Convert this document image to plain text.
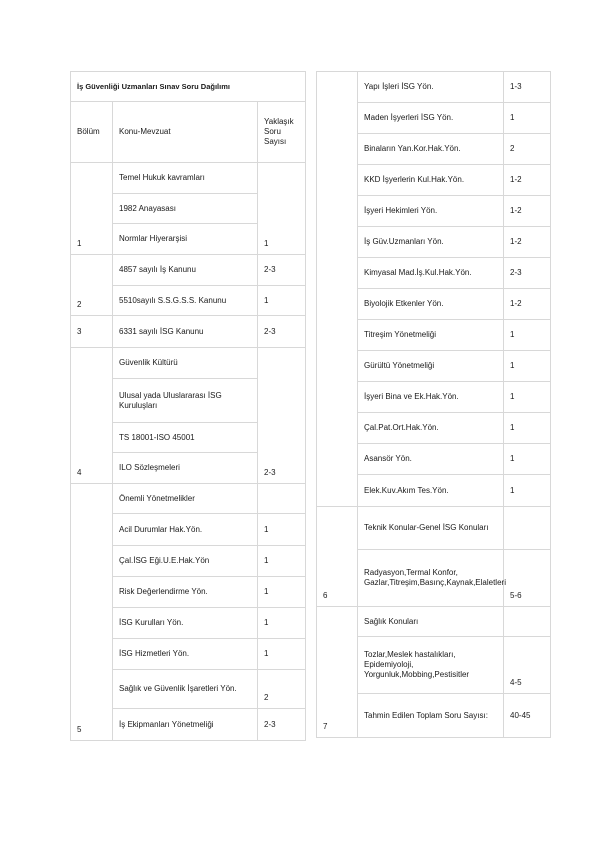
İş Güvenliği Uzmanları Sınav Soru Dağılımı		
Bölüm	Konu-Mevzuat	Yaklaşık Soru Sayısı
1	Temel Hukuk kavramları	1
	1982 Anayasası	
	Normlar Hiyerarşisi	
2	4857 sayılı İş Kanunu	2-3
	5510sayılı S.S.G.S.S. Kanunu	1
3	6331 sayılı İSG Kanunu	2-3
4	Güvenlik Kültürü	2-3
	Ulusal yada Uluslararası İSG Kuruluşları	
	TS 18001-ISO 45001	
	ILO Sözleşmeleri	
5	Önemli Yönetmelikler	
	Acil Durumlar Hak.Yön.	1
	Çal.İSG Eği.U.E.Hak.Yön	1
	Risk Değerlendirme Yön.	1
	İSG Kurulları Yön.	1
	İSG Hizmetleri Yön.	1
	Sağlık ve Güvenlik İşaretleri Yön.	2
	İş Ekipmanları Yönetmeliği	2-3
	Yapı İşleri İSG Yön.	1-3
	Maden İşyerleri İSG Yön.	1
	Binaların Yan.Kor.Hak.Yön.	2
	KKD İşyerlerin Kul.Hak.Yön.	1-2
	İşyeri Hekimleri Yön.	1-2
	İş Güv.Uzmanları Yön.	1-2
	Kimyasal Mad.İş.Kul.Hak.Yön.	2-3
	Biyolojik Etkenler Yön.	1-2
	Titreşim Yönetmeliği	1
	Gürültü Yönetmeliği	1
	İşyeri Bina ve Ek.Hak.Yön.	1
	Çal.Pat.Ort.Hak.Yön.	1
	Asansör Yön.	1
	Elek.Kuv.Akım Tes.Yön.	1
6	Teknik Konular-Genel İSG Konuları	
	Radyasyon,Termal Konfor, Gazlar,Titreşim,Basınç,Kaynak,Elaletleri	5-6
7	Sağlık Konuları	
	Tozlar,Meslek hastalıkları, Epidemiyoloji, Yorgunluk,Mobbing,Pestisitler	4-5
	Tahmin Edilen Toplam Soru Sayısı:	40-45
